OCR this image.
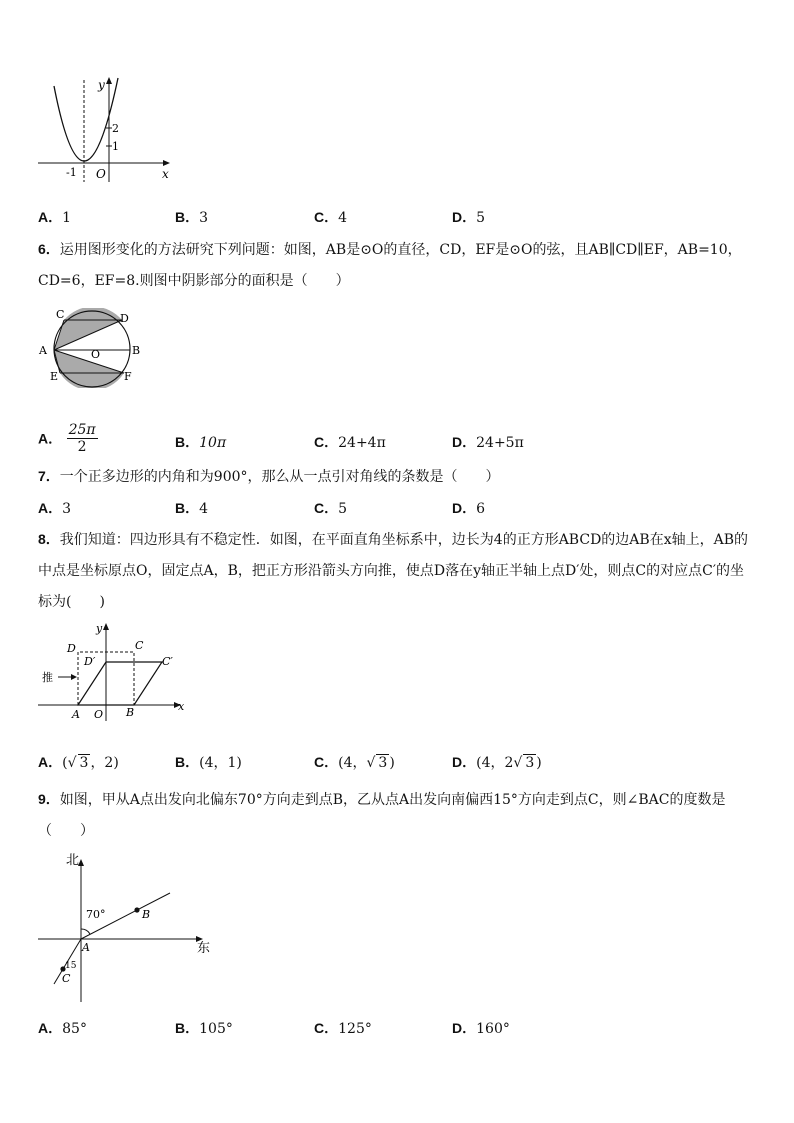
y
x
O
-1
2
1
A．1	B．3	C．4	D．5
6．运用图形变化的方法研究下列问题：如图，AB是⊙O的直径，CD，EF是⊙O的弦，且AB∥CD∥EF，AB=10，CD=6，EF=8.则图中阴影部分的面积是（　　）
C	D
A	O	B
E	F
A． $\frac{25\pi}{2}$	B．10π	C．24+4π	D．24+5π
7．一个正多边形的内角和为900°，那么从一点引对角线的条数是（　　）
A．3	B．4	C．5	D．6
8．我们知道：四边形具有不稳定性．如图，在平面直角坐标系中，边长为4的正方形ABCD的边AB在x轴上，AB的中点是坐标原点O，固定点A，B，把正方形沿箭头方向推，使点D落在y轴正半轴上点D′处，则点C的对应点C′的坐标为(　　)
推
y
x
D	C
D′	C′
A O B
A．(√ 3 ，2)	B．(4，1)	C．(4，√ 3 )	D．(4，2√ 3 )
9．如图，甲从A点出发向北偏东70°方向走到点B，乙从点A出发向南偏西15°方向走到点C，则∠BAC的度数是（　　）
北
东
70°
15
A
B
C
A．85°	B．105°	C．125°	D．160°
